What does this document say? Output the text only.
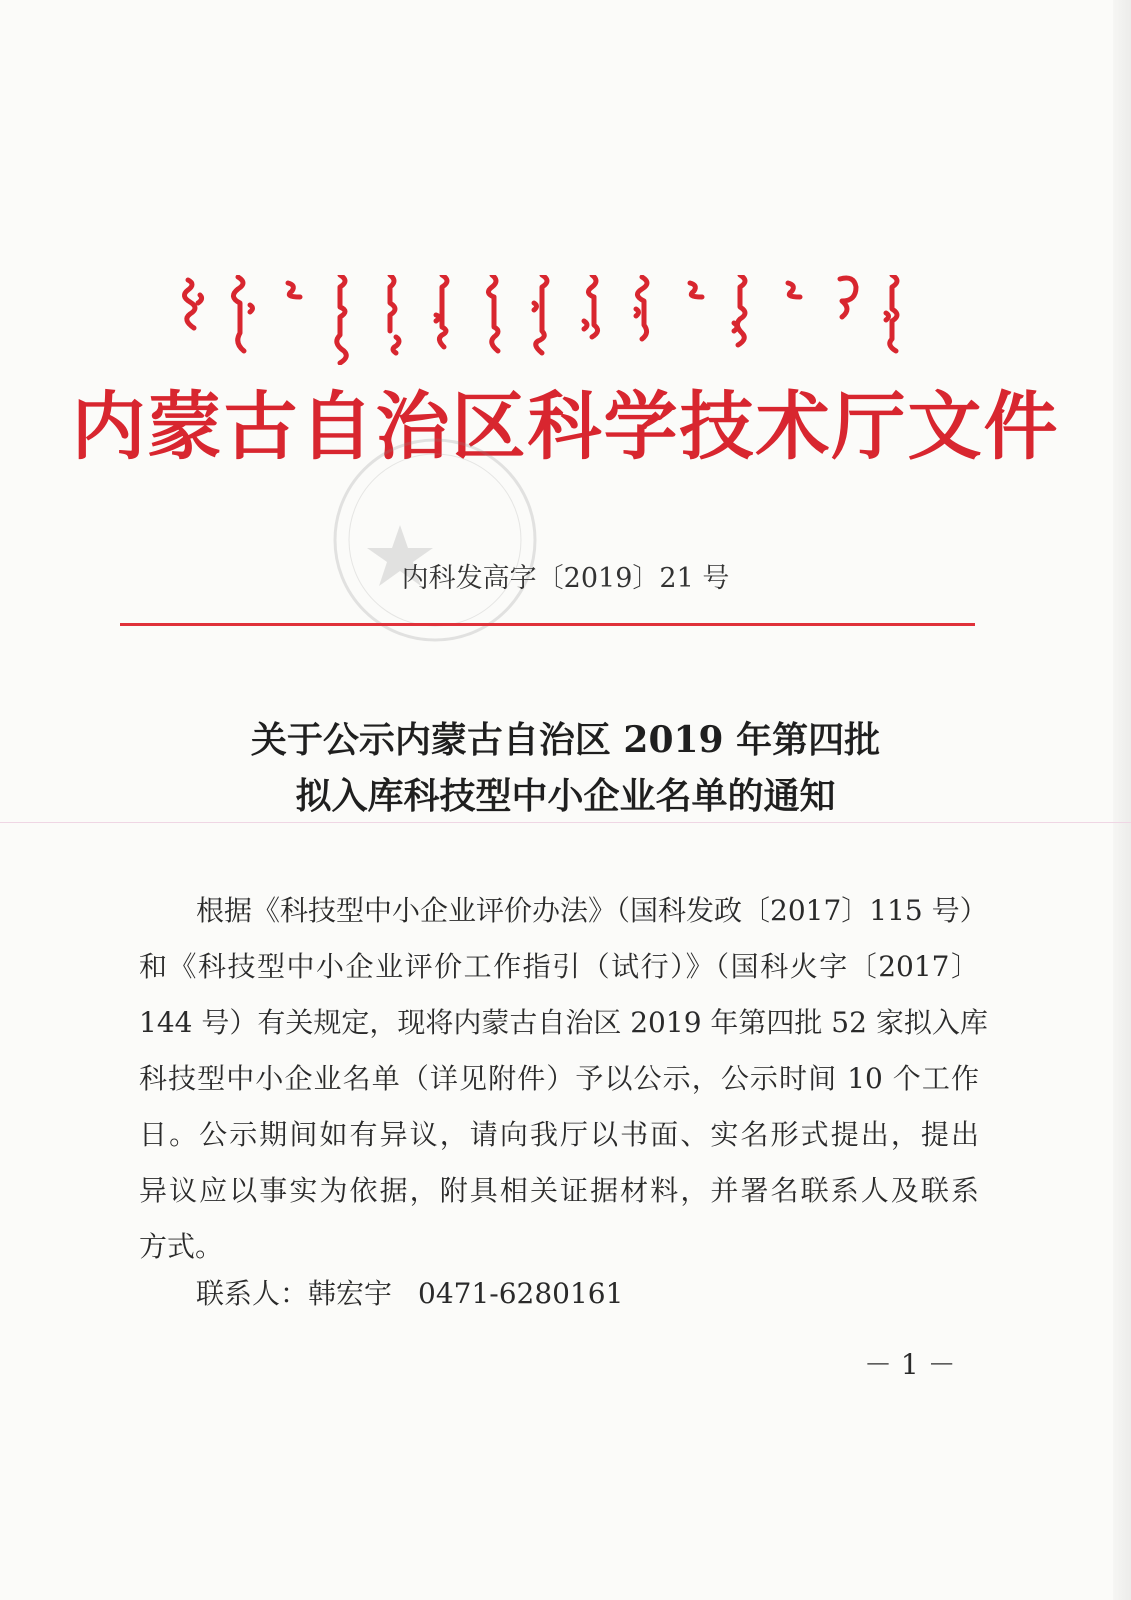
内蒙古自治区科学技术厅文件
内科发高字〔2019〕21 号
关于公示内蒙古自治区 2019 年第四批
拟入库科技型中小企业名单的通知
根据《科技型中小企业评价办法》（国科发政〔2017〕115 号）
和《科技型中小企业评价工作指引（试行）》（国科火字〔2017〕
144 号）有关规定，现将内蒙古自治区 2019 年第四批 52 家拟入库
科技型中小企业名单（详见附件）予以公示，公示时间 10 个工作
日。公示期间如有异议，请向我厅以书面、实名形式提出，提出
异议应以事实为依据，附具相关证据材料，并署名联系人及联系
方式。
联系人：韩宏宇 0471-6280161
－ 1 －
